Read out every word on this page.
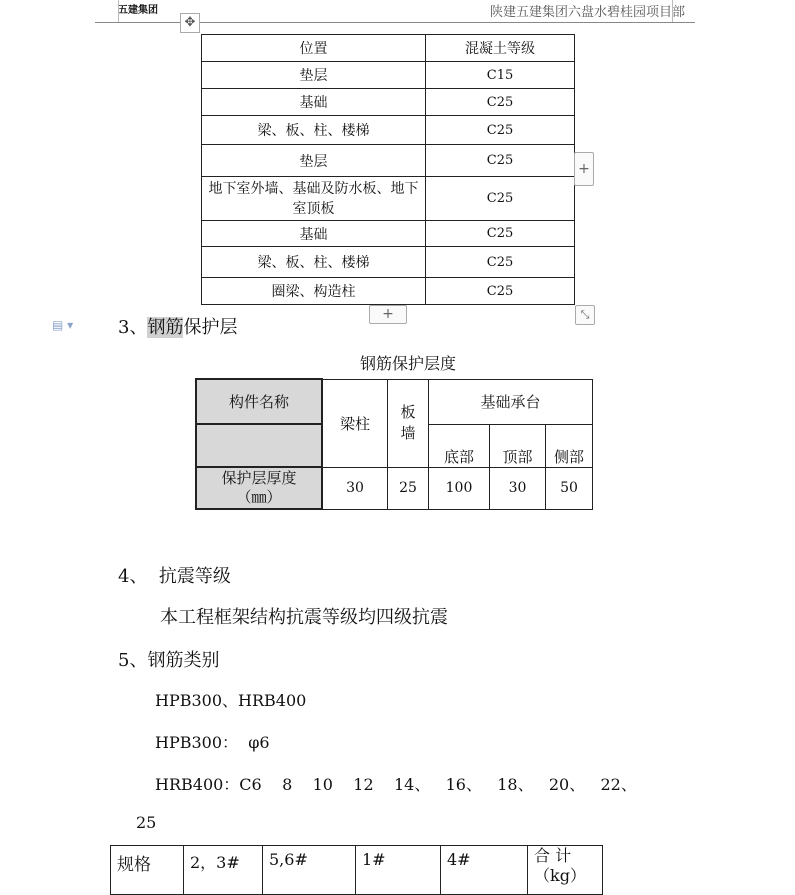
五建集团	陕建五建集团六盘水碧桂园项目部
✥
位置	混凝土等级
垫层	C15
基础	C25
梁、板、柱、楼梯	C25
垫层	C25
地下室外墙、基础及防水板、地下室顶板	C25
基础	C25
梁、板、柱、楼梯	C25
圈梁、构造柱	C25
+
+	⤡
▤ ▾ 3、钢筋保护层
钢筋保护层度
构件名称	梁柱	板墙	基础承台		
			底部	顶部	侧部
保护层厚度（㎜）	30	25	100	30	50
4、  抗震等级
本工程框架结构抗震等级均四级抗震
5、钢筋类别
HPB300、HRB400
HPB300：  φ6
HRB400：C6    8    10    12    14、   16、   18、   20、   22、
25
规格	2，3#	5,6#	1#	4#	合 计（kg）
